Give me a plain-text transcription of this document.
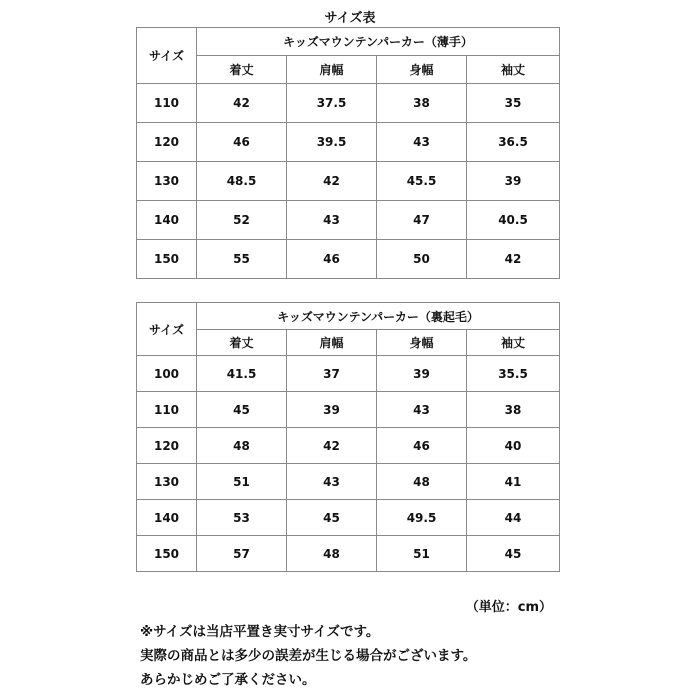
サイズ表
サイズ	キッズマウンテンパーカー（薄手）			
	着丈	肩幅	身幅	袖丈
110	42	37.5	38	35
120	46	39.5	43	36.5
130	48.5	42	45.5	39
140	52	43	47	40.5
150	55	46	50	42
サイズ	キッズマウンテンパーカー（裏起毛）			
	着丈	肩幅	身幅	袖丈
100	41.5	37	39	35.5
110	45	39	43	38
120	48	42	46	40
130	51	43	48	41
140	53	45	49.5	44
150	57	48	51	45
（単位：cm）
※サイズは当店平置き実寸サイズです。
実際の商品とは多少の誤差が生じる場合がございます。
あらかじめご了承ください。
